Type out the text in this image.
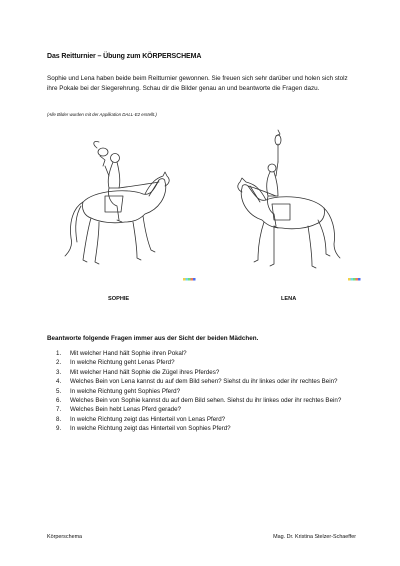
Das Reitturnier – Übung zum KÖRPERSCHEMA

Sophie und Lena haben beide beim Reitturnier gewonnen. Sie freuen sich sehr darüber und holen sich stolz ihre Pokale bei der Siegerehrung. Schau dir die Bilder genau an und beantworte die Fragen dazu.

(Alle Bilder wurden mit der Applikation DALL-E2 erstellt.)
SOPHIE	LENA
Beantworte folgende Fragen immer aus der Sicht der beiden Mädchen.
1. Mit welcher Hand hält Sophie ihren Pokal?
2. In welche Richtung geht Lenas Pferd?
3. Mit welcher Hand hält Sophie die Zügel ihres Pferdes?
4. Welches Bein von Lena kannst du auf dem Bild sehen? Siehst du ihr linkes oder ihr rechtes Bein?
5. In welche Richtung geht Sophies Pferd?
6. Welches Bein von Sophie kannst du auf dem Bild sehen. Siehst du ihr linkes oder ihr rechtes Bein?
7. Welches Bein hebt Lenas Pferd gerade?
8. In welche Richtung zeigt das Hinterteil von Lenas Pferd?
9. In welche Richtung zeigt das Hinterteil von Sophies Pferd?
Körperschema	Mag. Dr. Kristina Stelzer-Schaeffer
